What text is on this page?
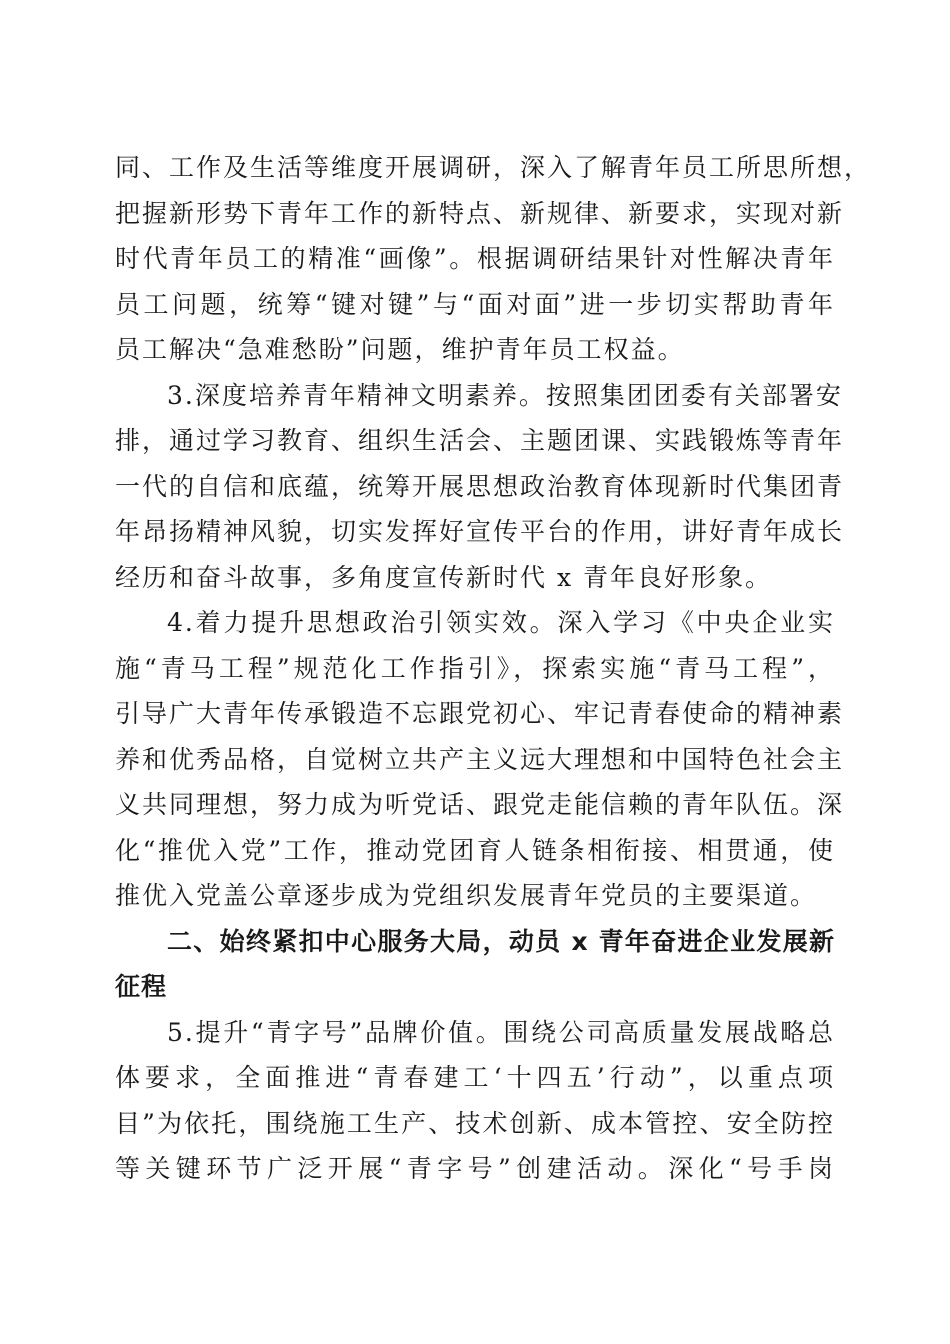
同、工作及生活等维度开展调研，深入了解青年员工所思所想，
把握新形势下青年工作的新特点、新规律、新要求，实现对新
时代青年员工的精准“画像”。根据调研结果针对性解决青年
员工问题，统筹“键对键”与“面对面”进一步切实帮助青年
员工解决“急难愁盼”问题，维护青年员工权益。
3.深度培养青年精神文明素养。按照集团团委有关部署安
排，通过学习教育、组织生活会、主题团课、实践锻炼等青年
一代的自信和底蕴，统筹开展思想政治教育体现新时代集团青
年昂扬精神风貌，切实发挥好宣传平台的作用，讲好青年成长
经历和奋斗故事，多角度宣传新时代 x 青年良好形象。
4.着力提升思想政治引领实效。深入学习《中央企业实
施“青马工程”规范化工作指引》，探索实施“青马工程”，
引导广大青年传承锻造不忘跟党初心、牢记青春使命的精神素
养和优秀品格，自觉树立共产主义远大理想和中国特色社会主
义共同理想，努力成为听党话、跟党走能信赖的青年队伍。深
化“推优入党”工作，推动党团育人链条相衔接、相贯通，使
推优入党盖公章逐步成为党组织发展青年党员的主要渠道。
二、始终紧扣中心服务大局，动员 x 青年奋进企业发展新
征程
5.提升“青字号”品牌价值。围绕公司高质量发展战略总
体要求，全面推进“青春建工‘十四五’行动”，以重点项
目”为依托，围绕施工生产、技术创新、成本管控、安全防控
等关键环节广泛开展“青字号”创建活动。深化“号手岗
